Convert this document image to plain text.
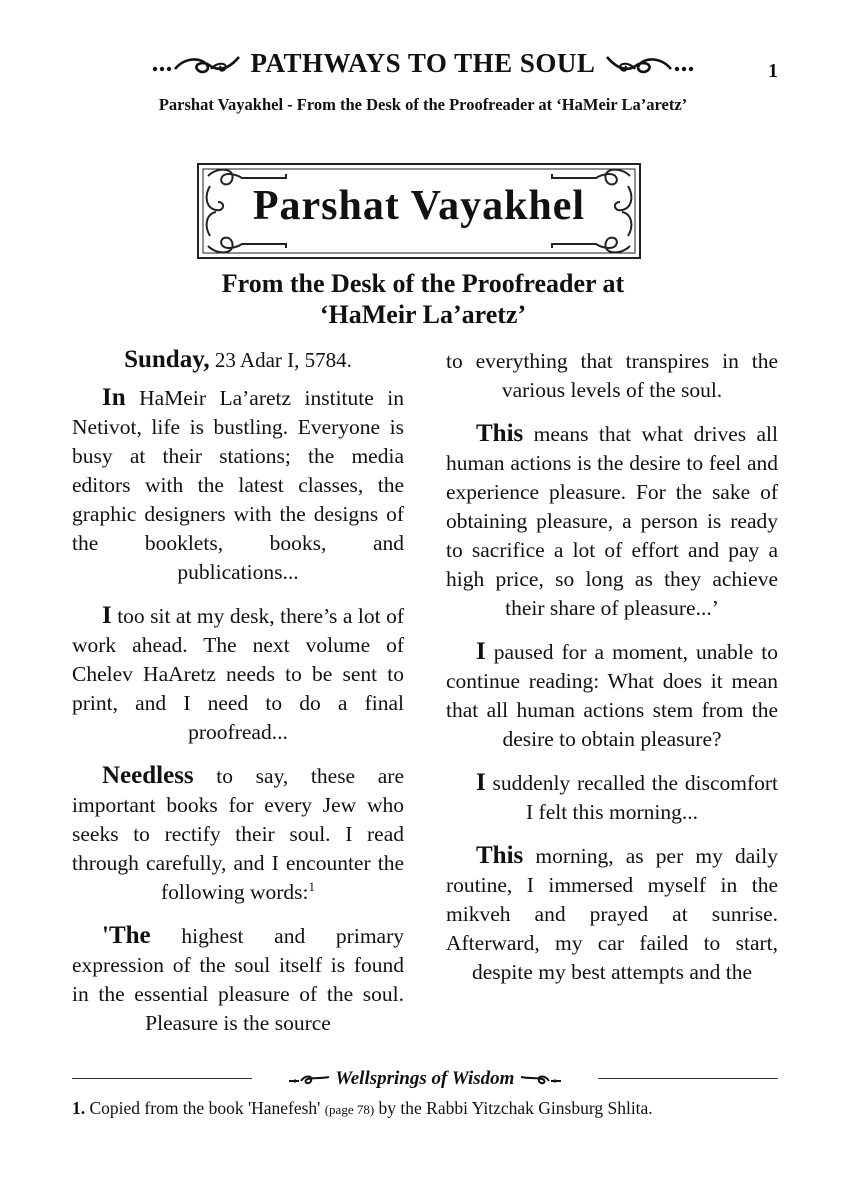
PATHWAYS TO THE SOUL	1
Parshat Vayakhel - From the Desk of the Proofreader at ‘HaMeir La’aretz’
Parshat Vayakhel
From the Desk of the Proofreader at
‘HaMeir La’aretz’

Sunday, 23 Adar I, 5784.

In HaMeir La’aretz institute in Netivot, life is bustling. Everyone is busy at their stations; the media editors with the latest classes, the graphic designers with the designs of the booklets, books, and publications...

I too sit at my desk, there’s a lot of work ahead. The next volume of Chelev HaAretz needs to be sent to print, and I need to do a final proofread...

Needless to say, these are important books for every Jew who seeks to rectify their soul. I read through carefully, and I encounter the following words:$^1$

'The highest and primary expression of the soul itself is found in the essential pleasure of the soul. Pleasure is the source

to everything that transpires in the various levels of the soul.

This means that what drives all human actions is the desire to feel and experience pleasure. For the sake of obtaining pleasure, a person is ready to sacrifice a lot of effort and pay a high price, so long as they achieve their share of pleasure...’

I paused for a moment, unable to continue reading: What does it mean that all human actions stem from the desire to obtain pleasure?

I suddenly recalled the discomfort I felt this morning...

This morning, as per my daily routine, I immersed myself in the mikveh and prayed at sunrise. Afterward, my car failed to start, despite my best attempts and the

Wellsprings of Wisdom
1. Copied from the book 'Hanefesh' (page 78) by the Rabbi Yitzchak Ginsburg Shlita.
